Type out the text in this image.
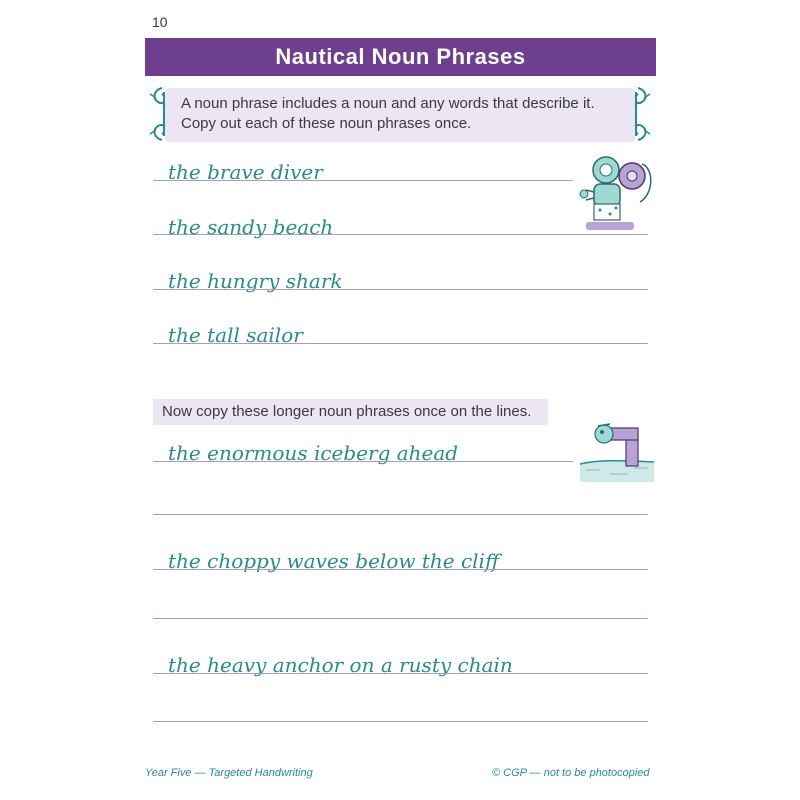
10
Nautical Noun Phrases
A noun phrase includes a noun and any words that describe it. Copy out each of these noun phrases once.
the brave diver
the sandy beach
the hungry shark
the tall sailor
Now copy these longer noun phrases once on the lines.
the enormous iceberg ahead
the choppy waves below the cliff
the heavy anchor on a rusty chain
Year Five — Targeted Handwriting	© CGP — not to be photocopied
